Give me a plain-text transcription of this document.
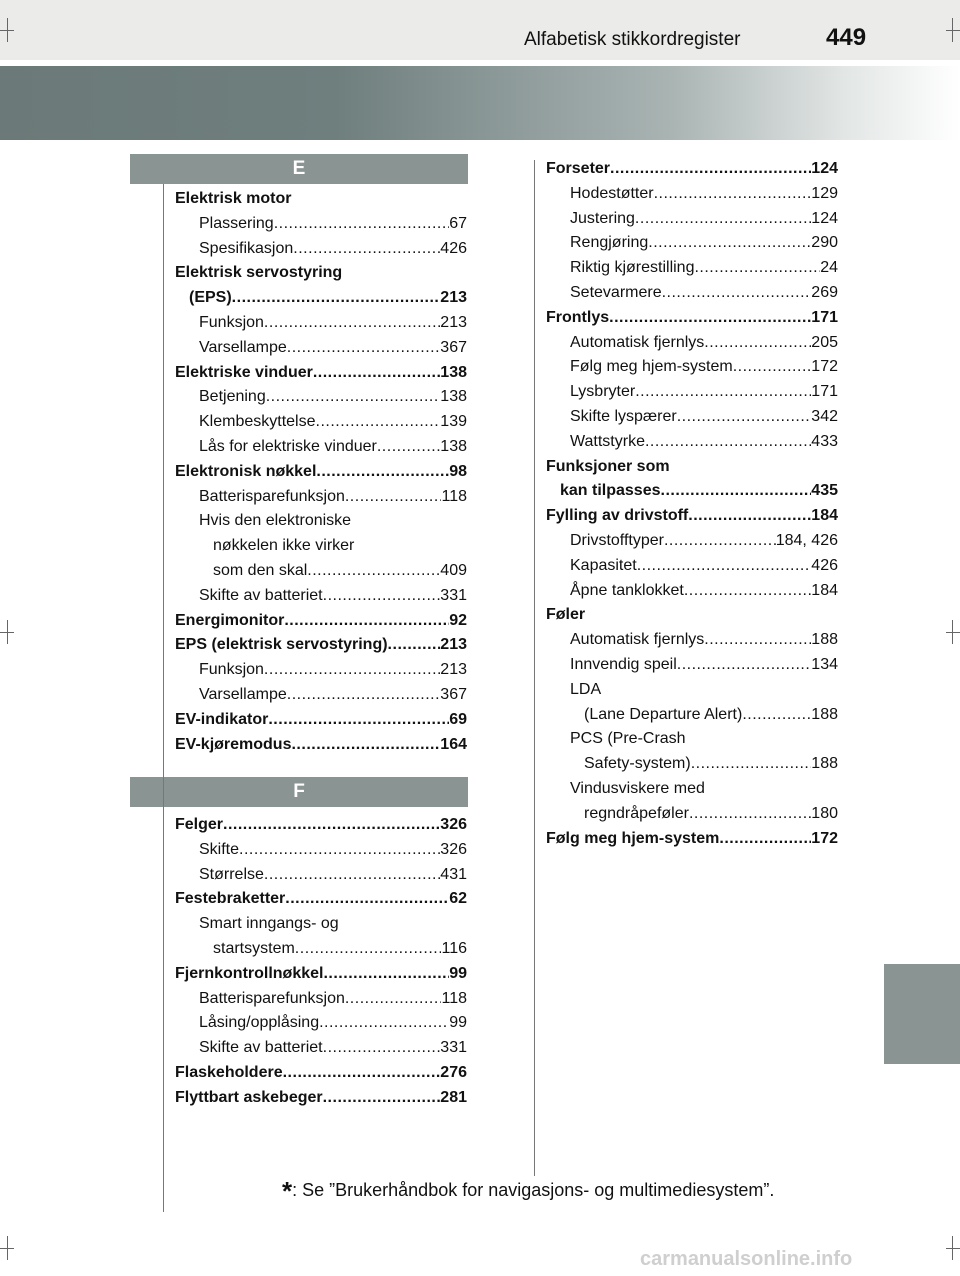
Alfabetisk stikkordregister	449
E
F
Elektrisk motor
Plassering .....	67
Spesifikasjon .....	426
Elektrisk servostyring
(EPS) .....	213
Funksjon .....	213
Varsellampe .....	367
Elektriske vinduer .....	138
Betjening .....	138
Klembeskyttelse .....	139
Lås for elektriske vinduer .....	138
Elektronisk nøkkel .....	98
Batterisparefunksjon .....	118
Hvis den elektroniske
nøkkelen ikke virker
som den skal .....	409
Skifte av batteriet .....	331
Energimonitor .....	92
EPS (elektrisk servostyring) .....	213
Funksjon .....	213
Varsellampe .....	367
EV-indikator .....	69
EV-kjøremodus .....	164
Felger .....	326
Skifte .....	326
Størrelse .....	431
Festebraketter .....	62
Smart inngangs- og
startsystem .....	116
Fjernkontrollnøkkel .....	99
Batterisparefunksjon .....	118
Låsing/opplåsing .....	99
Skifte av batteriet .....	331
Flaskeholdere .....	276
Flyttbart askebeger .....	281
Forseter .....	124
Hodestøtter .....	129
Justering .....	124
Rengjøring .....	290
Riktig kjørestilling .....	24
Setevarmere .....	269
Frontlys .....	171
Automatisk fjernlys .....	205
Følg meg hjem-system .....	172
Lysbryter .....	171
Skifte lyspærer .....	342
Wattstyrke .....	433
Funksjoner som
kan tilpasses .....	435
Fylling av drivstoff .....	184
Drivstofftyper .....	184, 426
Kapasitet .....	426
Åpne tanklokket .....	184
Føler
Automatisk fjernlys .....	188
Innvendig speil .....	134
LDA
(Lane Departure Alert) .....	188
PCS (Pre-Crash
Safety-system) .....	188
Vindusviskere med
regndråpeføler .....	180
Følg meg hjem-system .....	172
*: Se ”Brukerhåndbok for navigasjons- og multimediesystem”.
carmanualsonline.info
